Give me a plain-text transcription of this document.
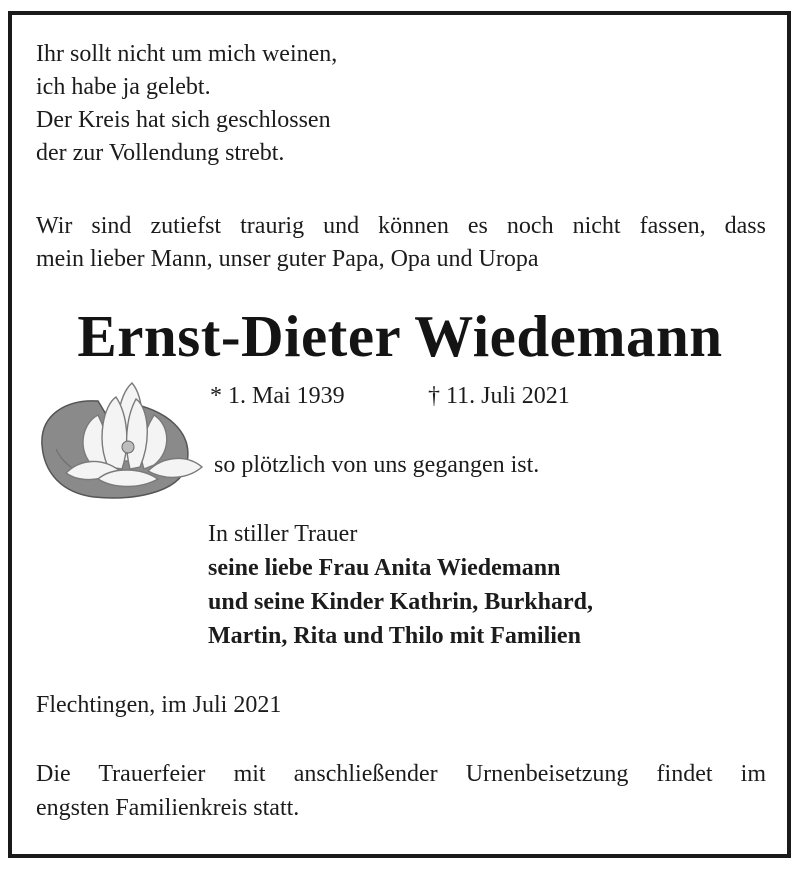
Ihr sollt nicht um mich weinen,
ich habe ja gelebt.
Der Kreis hat sich geschlossen
der zur Vollendung strebt.
Wir sind zutiefst traurig und können es noch nicht fassen, dass
mein lieber Mann, unser guter Papa, Opa und Uropa
Ernst-Dieter Wiedemann
* 1. Mai 1939	† 11. Juli 2021
so plötzlich von uns gegangen ist.
In stiller Trauer
seine liebe Frau Anita Wiedemann
und seine Kinder Kathrin, Burkhard,
Martin, Rita und Thilo mit Familien
Flechtingen, im Juli 2021
Die Trauerfeier mit anschließender Urnenbeisetzung findet im
engsten Familienkreis statt.
